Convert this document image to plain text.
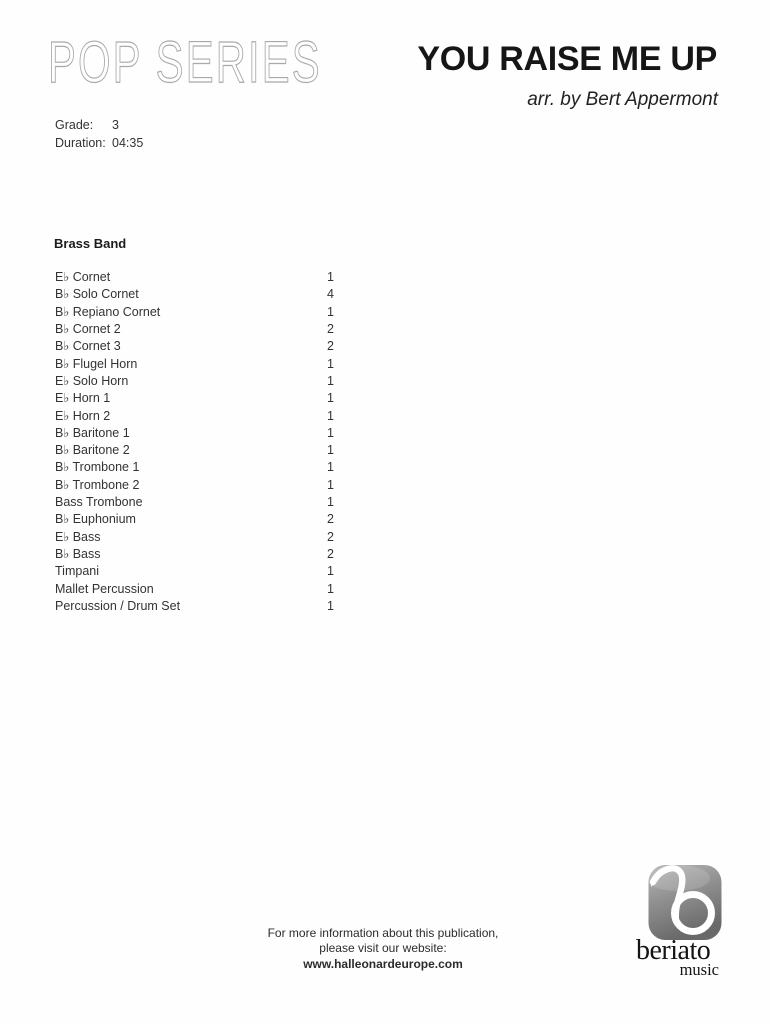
POP SERIES	YOU RAISE ME UP
arr. by Bert Appermont
Grade: 3
Duration: 04:35
Brass Band
E♭ Cornet	1
B♭ Solo Cornet	4
B♭ Repiano Cornet	1
B♭ Cornet 2	2
B♭ Cornet 3	2
B♭ Flugel Horn	1
E♭ Solo Horn	1
E♭ Horn 1	1
E♭ Horn 2	1
B♭ Baritone 1	1
B♭ Baritone 2	1
B♭ Trombone 1	1
B♭ Trombone 2	1
Bass Trombone	1
B♭ Euphonium	2
E♭ Bass	2
B♭ Bass	2
Timpani	1
Mallet Percussion	1
Percussion / Drum Set	1
For more information about this publication,
please visit our website:
www.halleonardeurope.com	beriato
music
